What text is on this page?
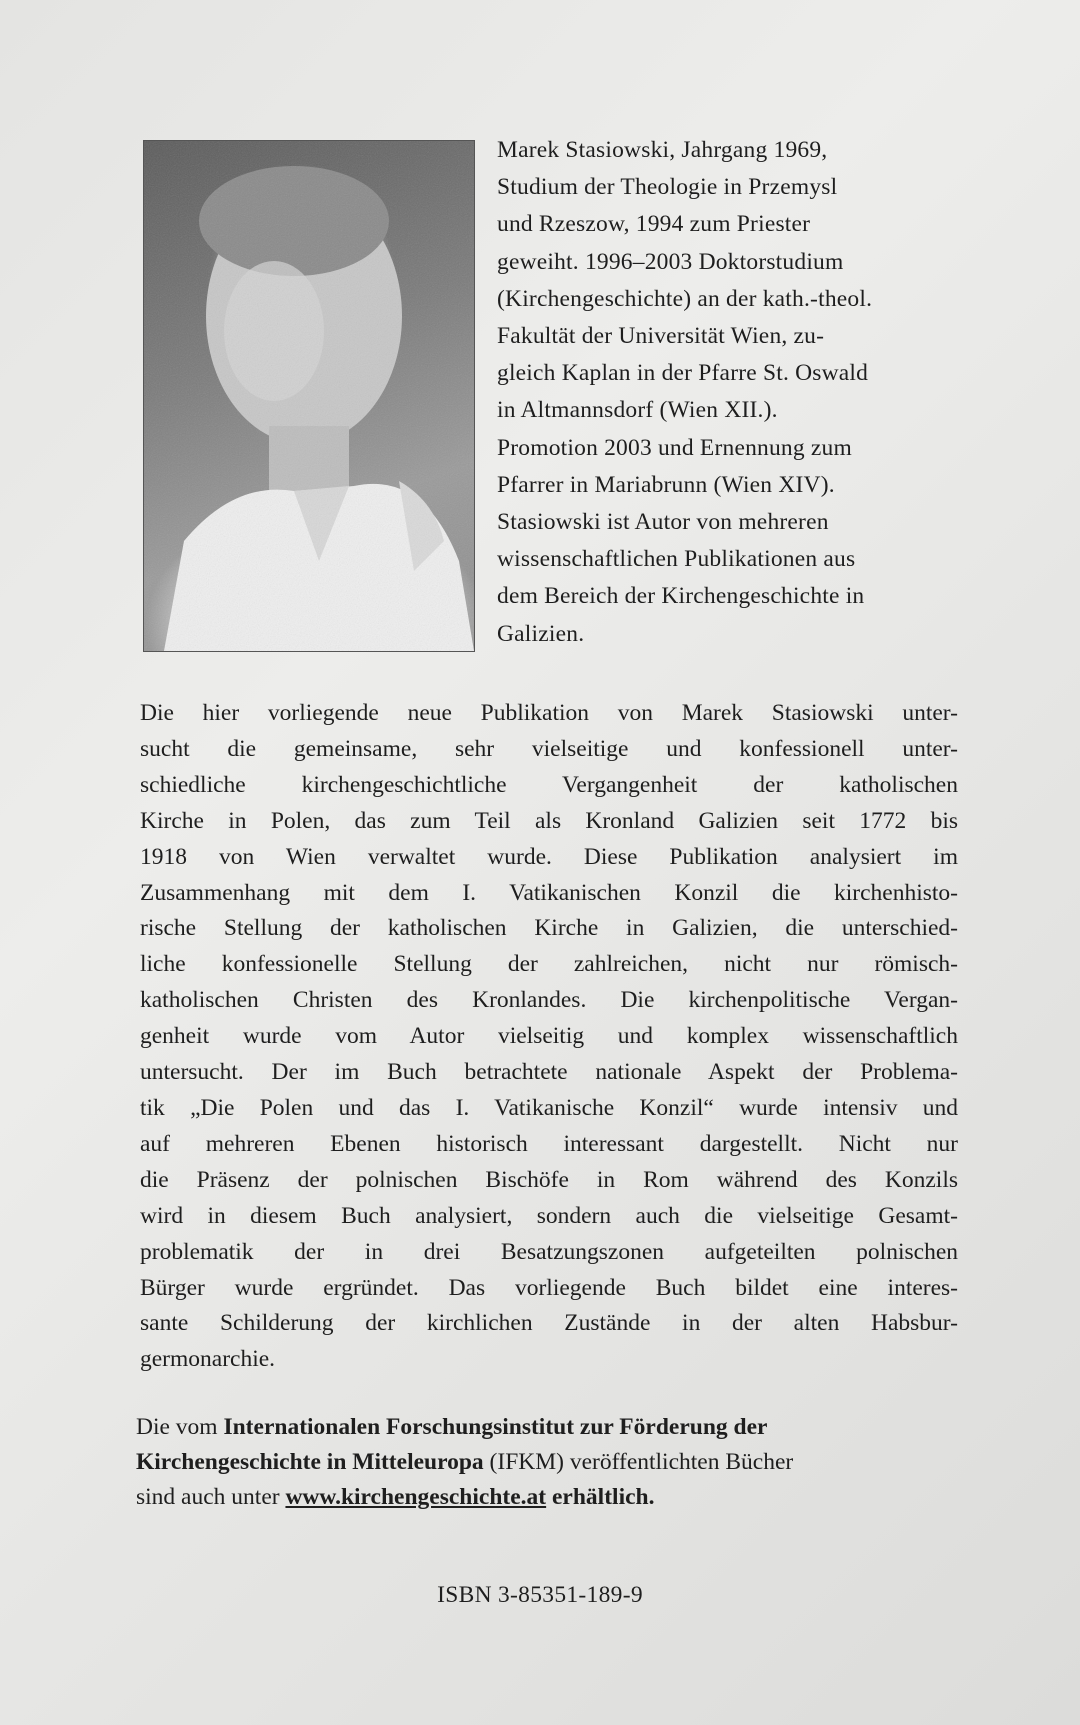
Marek Stasiowski, Jahrgang 1969,
Studium der Theologie in Przemysl
und Rzeszow, 1994 zum Priester
geweiht. 1996–2003 Doktorstudium
(Kirchengeschichte) an der kath.-theol.
Fakultät der Universität Wien, zu-
gleich Kaplan in der Pfarre St. Oswald
in Altmannsdorf (Wien XII.).
Promotion 2003 und Ernennung zum
Pfarrer in Mariabrunn (Wien XIV).
Stasiowski ist Autor von mehreren
wissenschaftlichen Publikationen aus
dem Bereich der Kirchengeschichte in
Galizien.
Die hier vorliegende neue Publikation von Marek Stasiowski unter-
sucht die gemeinsame, sehr vielseitige und konfessionell unter-
schiedliche kirchengeschichtliche Vergangenheit der katholischen
Kirche in Polen, das zum Teil als Kronland Galizien seit 1772 bis
1918 von Wien verwaltet wurde. Diese Publikation analysiert im
Zusammenhang mit dem I. Vatikanischen Konzil die kirchenhisto-
rische Stellung der katholischen Kirche in Galizien, die unterschied-
liche konfessionelle Stellung der zahlreichen, nicht nur römisch-
katholischen Christen des Kronlandes. Die kirchenpolitische Vergan-
genheit wurde vom Autor vielseitig und komplex wissenschaftlich
untersucht. Der im Buch betrachtete nationale Aspekt der Problema-
tik „Die Polen und das I. Vatikanische Konzil“ wurde intensiv und
auf mehreren Ebenen historisch interessant dargestellt. Nicht nur
die Präsenz der polnischen Bischöfe in Rom während des Konzils
wird in diesem Buch analysiert, sondern auch die vielseitige Gesamt-
problematik der in drei Besatzungszonen aufgeteilten polnischen
Bürger wurde ergründet. Das vorliegende Buch bildet eine interes-
sante Schilderung der kirchlichen Zustände in der alten Habsbur-
germonarchie.
Die vom Internationalen Forschungsinstitut zur Förderung der
Kirchengeschichte in Mitteleuropa (IFKM) veröffentlichten Bücher
sind auch unter www.kirchengeschichte.at erhältlich.
ISBN 3-85351-189-9
